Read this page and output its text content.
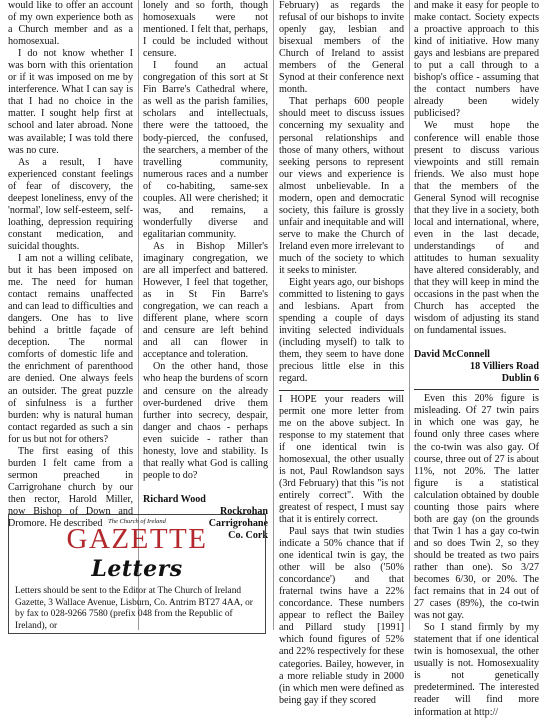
would like to offer an account of my own experience both as a Church member and as a homosexual.

I do not know whether I was born with this orientation or if it was imposed on me by interference. What I can say is that I had no choice in the matter. I sought help first at school and later abroad. None was available; I was told there was no cure.

As a result, I have experienced constant feelings of fear of discovery, the deepest loneliness, envy of the 'normal', low self-esteem, self-loathing, depression requiring constant medication, and suicidal thoughts.

I am not a willing celibate, but it has been imposed on me. The need for human contact remains unaffected and can lead to difficulties and dangers. One has to live behind a brittle façade of deception. The normal comforts of domestic life and the enrichment of parenthood are denied. One always feels an outsider. The great puzzle of sinfulness is a further burden: why is natural human contact regarded as such a sin for us but not for others?

The first easing of this burden I felt came from a sermon preached in Carrigrohane church by our then rector, Harold Miller, now Bishop of Down and Dromore. He described

lonely and so forth, though homosexuals were not mentioned. I felt that, perhaps, I could be included without censure.

I found an actual congregation of this sort at St Fin Barre's Cathedral where, as well as the parish families, scholars and intellectuals, there were the tattooed, the body-pierced, the confused, the searchers, a member of the travelling community, numerous races and a number of co-habiting, same-sex couples. All were cherished; it was, and remains, a wonderfully diverse and egalitarian community.

As in Bishop Miller's imaginary congregation, we are all imperfect and battered. However, I feel that together, as in St Fin Barre's congregation, we can reach a different plane, where scorn and censure are left behind and all can flower in acceptance and toleration.

On the other hand, those who heap the burdens of scorn and censure on the already over-burdened drive them further into secrecy, despair, danger and chaos - perhaps even suicide - rather than honesty, love and stability. Is that really what God is calling people to do?

Richard Wood
Rockrohan
Carrigrohane
Co. Cork

February) as regards the refusal of our bishops to invite openly gay, lesbian and bisexual members of the Church of Ireland to assist members of the General Synod at their conference next month.

That perhaps 600 people should meet to discuss issues concerning my sexuality and personal relationships and those of many others, without seeking persons to represent our views and experience is almost unbelievable. In a modern, open and democratic society, this failure is grossly unfair and inequitable and will serve to make the Church of Ireland even more irrelevant to much of the society to which it seeks to minister.

Eight years ago, our bishops committed to listening to gays and lesbians. Apart from spending a couple of days inviting selected individuals (including myself) to talk to them, they seem to have done precious little else in this regard.

I HOPE your readers will permit one more letter from me on the above subject. In response to my statement that if one identical twin is homosexual, the other usually is not, Paul Rowlandson says (3rd February) that this "is not entirely correct". With the greatest of respect, I must say that it is entirely correct.

Paul says that twin studies indicate a 50% chance that if one identical twin is gay, the other will be also ('50% concordance') and that fraternal twins have a 22% concordance. These numbers appear to reflect the Bailey and Pillard study [1991] which found figures of 52% and 22% respectively for these categories. Bailey, however, in a more reliable study in 2000 (in which men were defined as being gay if they scored

and make it easy for people to make contact. Society expects a proactive approach to this kind of initiative. How many gays and lesbians are prepared to put a call through to a bishop's office - assuming that the contact numbers have already been widely publicised?

We must hope the conference will enable those present to discuss various viewpoints and still remain friends. We also must hope that the members of the General Synod will recognise that they live in a society, both local and international, where, even in the last decade, understandings of and attitudes to human sexuality have altered considerably, and that they will keep in mind the occasions in the past when the Church has accepted the wisdom of adjusting its stand on fundamental issues.

David McConnell
18 Villiers Road
Dublin 6

Even this 20% figure is misleading. Of 27 twin pairs in which one was gay, he found only three cases where the co-twin was also gay. Of course, three out of 27 is about 11%, not 20%. The latter figure is a statistical calculation obtained by double counting those pairs where both are gay (on the grounds that Twin 1 has a gay co-twin and so does Twin 2, so they should be treated as two pairs rather than one). So 3/27 becomes 6/30, or 20%. The fact remains that in 24 out of 27 cases (89%), the co-twin was not gay.

So I stand firmly by my statement that if one identical twin is homosexual, the other usually is not. Homosexuality is not genetically predetermined. The interested reader will find more information at http://

The Church of Ireland
GAZETTE
Letters
Letters should be sent to the Editor at The Church of Ireland Gazette, 3 Wallace Avenue, Lisburn, Co. Antrim BT27 4AA, or by fax to 028-9266 7580 (prefix 048 from the Republic of Ireland), or
